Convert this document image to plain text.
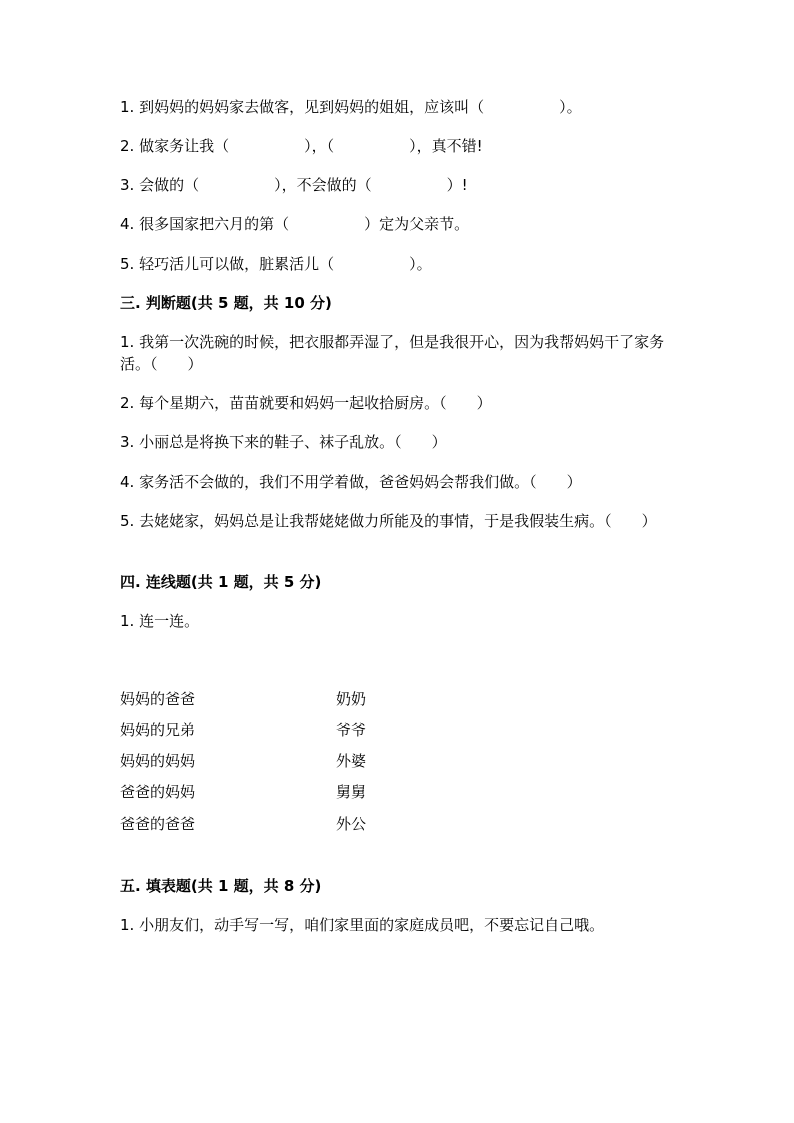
1. 到妈妈的妈妈家去做客，见到妈妈的姐姐，应该叫（　　　　　）。
2. 做家务让我（　　　　　），（　　　　　），真不错!
3. 会做的（　　　　　），不会做的（　　　　　）!
4. 很多国家把六月的第（　　　　　）定为父亲节。
5. 轻巧活儿可以做，脏累活儿（　　　　　）。
三. 判断题(共 5 题，共 10 分)
1. 我第一次洗碗的时候，把衣服都弄湿了，但是我很开心，因为我帮妈妈干了家务活。（　　）
2. 每个星期六，苗苗就要和妈妈一起收拾厨房。（　　）
3. 小丽总是将换下来的鞋子、袜子乱放。（　　）
4. 家务活不会做的，我们不用学着做，爸爸妈妈会帮我们做。（　　）
5. 去姥姥家，妈妈总是让我帮姥姥做力所能及的事情，于是我假装生病。（　　）
四. 连线题(共 1 题，共 5 分)
1. 连一连。
妈妈的爸爸	奶奶
妈妈的兄弟	爷爷
妈妈的妈妈	外婆
爸爸的妈妈	舅舅
爸爸的爸爸	外公
五. 填表题(共 1 题，共 8 分)
1. 小朋友们，动手写一写，咱们家里面的家庭成员吧，不要忘记自己哦。
